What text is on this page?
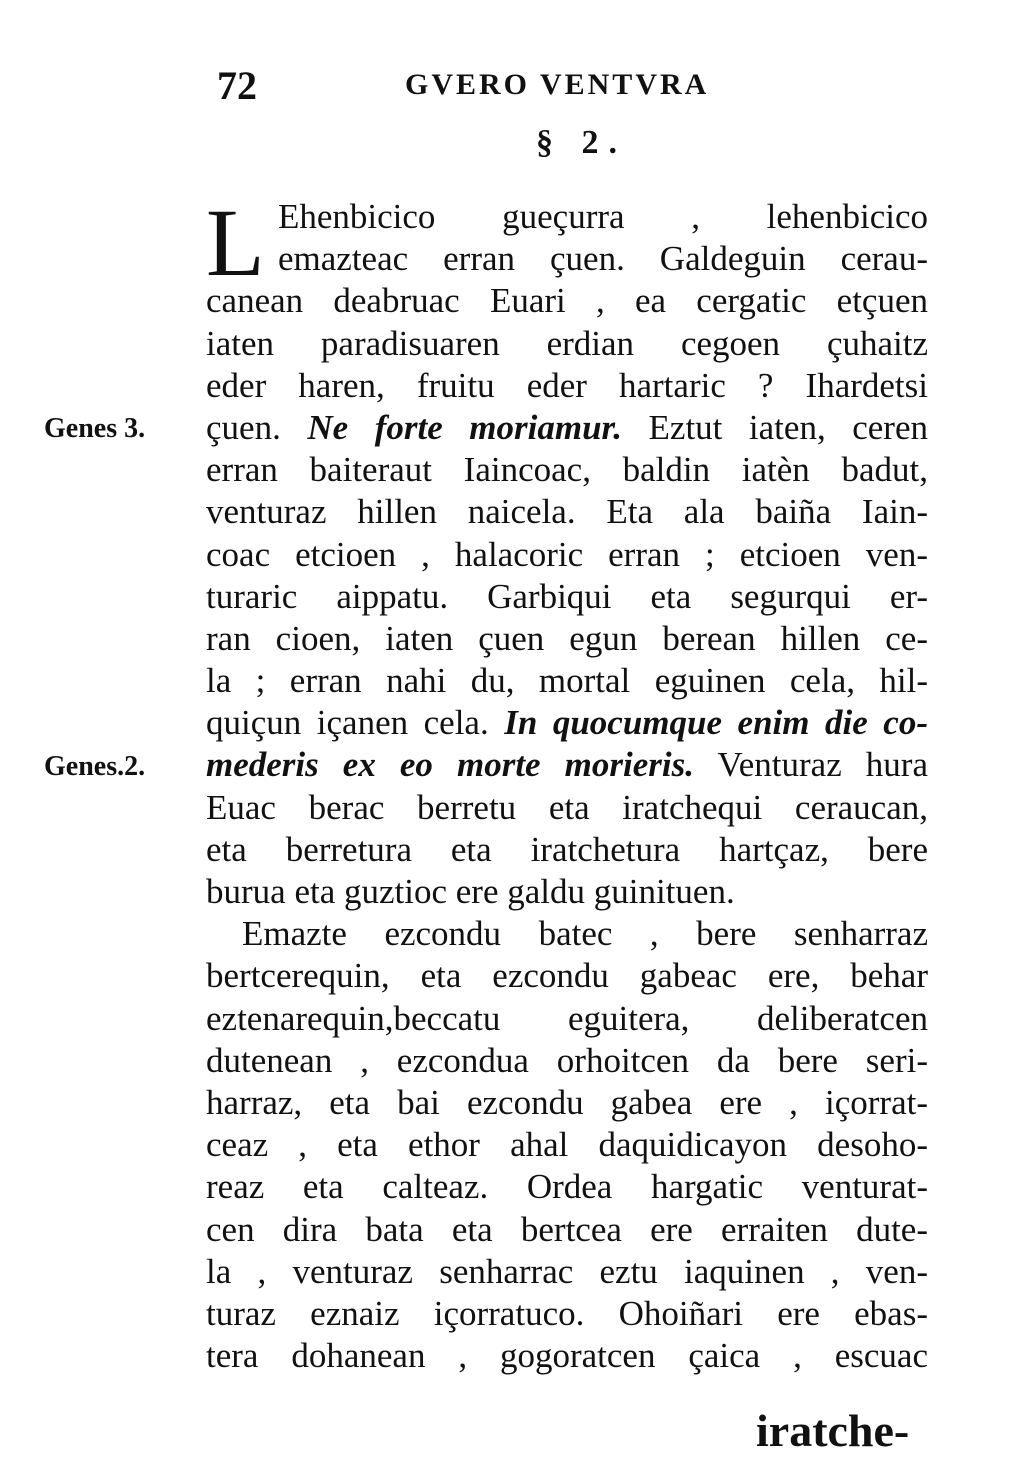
72	GVERO VENTVRA
§ 2.
L Ehenbicico gueçurra , lehenbicico
emazteac erran çuen. Galdeguin cerau-
canean deabruac Euari , ea cergatic etçuen
iaten paradisuaren erdian cegoen çuhaitz
eder haren, fruitu eder hartaric ? Ihardetsi
çuen. Ne forte moriamur. Eztut iaten, ceren
erran baiteraut Iaincoac, baldin iatèn badut,
venturaz hillen naicela. Eta ala baiña Iain-
coac etcioen , halacoric erran ; etcioen ven-
turaric aippatu. Garbiqui eta segurqui er-
ran cioen, iaten çuen egun berean hillen ce-
la ; erran nahi du, mortal eguinen cela, hil-
quiçun içanen cela. In quocumque enim die co-
mederis ex eo morte morieris. Venturaz hura
Euac berac berretu eta iratchequi ceraucan,
eta berretura eta iratchetura hartçaz, bere
burua eta guztioc ere galdu guinituen.
Emazte ezcondu batec , bere senharraz
bertcerequin, eta ezcondu gabeac ere, behar
eztenarequin,beccatu eguitera, deliberatcen
dutenean , ezcondua orhoitcen da bere seri-
harraz, eta bai ezcondu gabea ere , içorrat-
ceaz , eta ethor ahal daquidicayon desoho-
reaz eta calteaz. Ordea hargatic venturat-
cen dira bata eta bertcea ere erraiten dute-
la , venturaz senharrac eztu iaquinen , ven-
turaz eznaiz içorratuco. Ohoiñari ere ebas-
tera dohanean , gogoratcen çaica , escuac
Genes 3.
Genes.2.
iratche-
